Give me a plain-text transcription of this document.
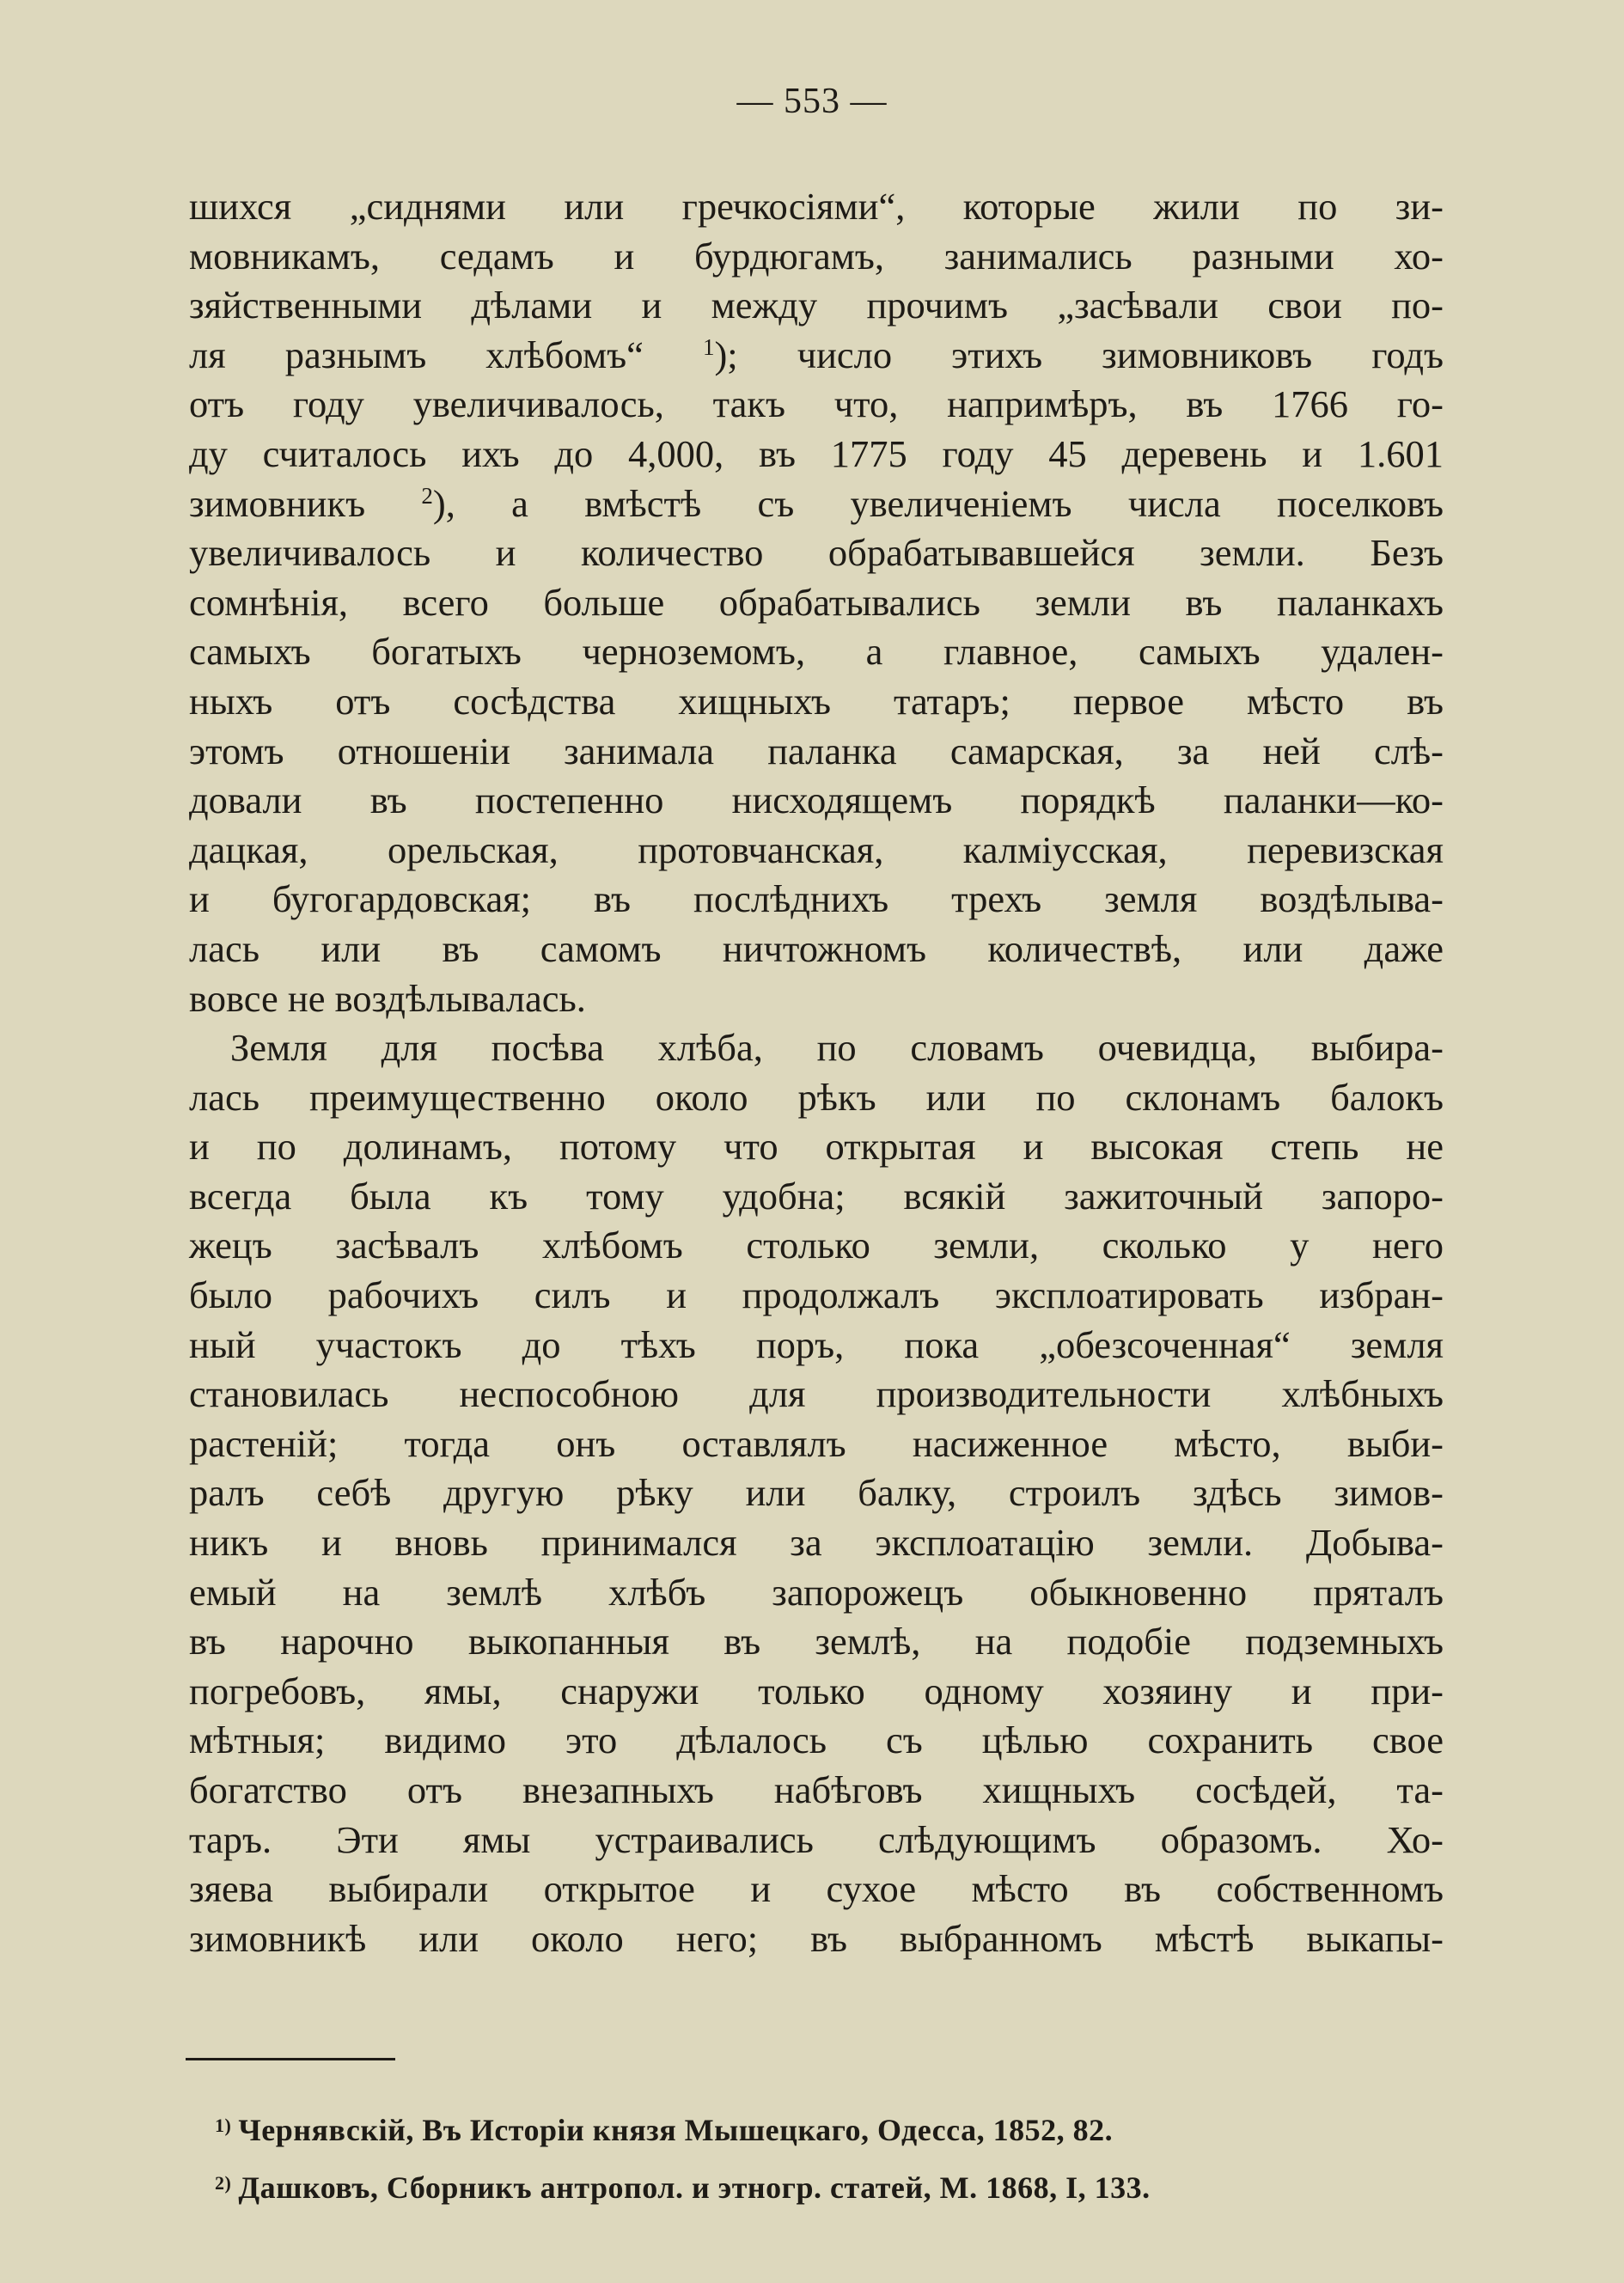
— 553 —

шихся „сиднями или гречкосіями“, которые жили по зи-
мовникамъ, седамъ и бурдюгамъ, занимались разными хо-
зяйственными дѣлами и между прочимъ „засѣвали свои по-
ля разнымъ хлѣбомъ“ $^1$); число этихъ зимовниковъ годъ
отъ году увеличивалось, такъ что, напримѣръ, въ 1766 го-
ду считалось ихъ до 4,000, въ 1775 году 45 деревень и 1.601
зимовникъ $^2$), а вмѣстѣ съ увеличеніемъ числа поселковъ
увеличивалось и количество обрабатывавшейся земли. Безъ
сомнѣнія, всего больше обрабатывались земли въ паланкахъ
самыхъ богатыхъ черноземомъ, а главное, самыхъ удален-
ныхъ отъ сосѣдства хищныхъ татаръ; первое мѣсто въ
этомъ отношеніи занимала паланка самарская, за ней слѣ-
довали въ постепенно нисходящемъ порядкѣ паланки—ко-
дацкая, орельская, протовчанская, калміусская, перевизская
и бугогардовская; въ послѣднихъ трехъ земля воздѣлыва-
лась или въ самомъ ничтожномъ количествѣ, или даже
вовсе не воздѣлывалась.

Земля для посѣва хлѣба, по словамъ очевидца, выбира-
лась преимущественно около рѣкъ или по склонамъ балокъ
и по долинамъ, потому что открытая и высокая степь не
всегда была къ тому удобна; всякій зажиточный запоро-
жецъ засѣвалъ хлѣбомъ столько земли, сколько у него
было рабочихъ силъ и продолжалъ эксплоатировать избран-
ный участокъ до тѣхъ поръ, пока „обезсоченная“ земля
становилась неспособною для производительности хлѣбныхъ
растеній; тогда онъ оставлялъ насиженное мѣсто, выби-
ралъ себѣ другую рѣку или балку, строилъ здѣсь зимов-
никъ и вновь принимался за эксплоатацію земли. Добыва-
емый на землѣ хлѣбъ запорожецъ обыкновенно пряталъ
въ нарочно выкопанныя въ землѣ, на подобіе подземныхъ
погребовъ, ямы, снаружи только одному хозяину и при-
мѣтныя; видимо это дѣлалось съ цѣлью сохранить свое
богатство отъ внезапныхъ набѣговъ хищныхъ сосѣдей, та-
таръ. Эти ямы устраивались слѣдующимъ образомъ. Хо-
зяева выбирали открытое и сухое мѣсто въ собственномъ
зимовникѣ или около него; въ выбранномъ мѣстѣ выкапы-

$^{1)}$ Чернявскій, Въ Исторіи князя Мышецкаго, Одесса, 1852, 82.
$^{2)}$ Дашковъ, Сборникъ антропол. и этногр. статей, М. 1868, I, 133.
